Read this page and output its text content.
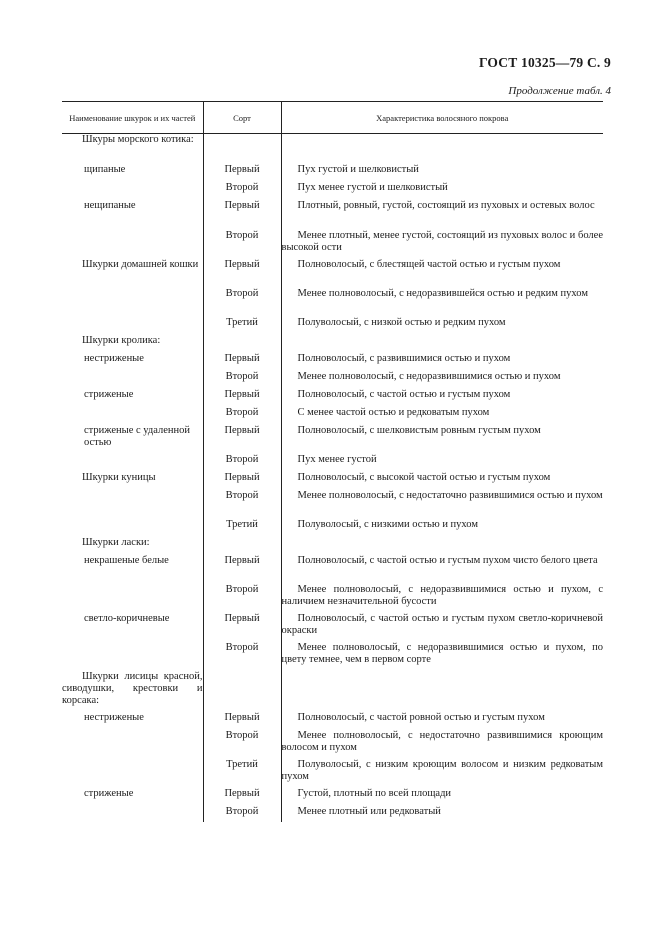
ГОСТ 10325—79 С. 9
Продолжение табл. 4
Наименование шкурок и их частей	Сорт	Характеристика волосяного покрова
Шкуры морского котика:		
щипаные	Первый	Пух густой и шелковистый
	Второй	Пух менее густой и шелковистый
нещипаные	Первый	Плотный, ровный, густой, состоящий из пуховых и остевых волос
	Второй	Менее плотный, менее густой, состоящий из пуховых волос и более высокой ости
Шкурки домашней кошки	Первый	Полноволосый, с блестящей частой остью и густым пухом
	Второй	Менее полноволосый, с недоразвившейся остью и редким пухом
	Третий	Полуволосый, с низкой остью и редким пухом
Шкурки кролика:		
нестриженые	Первый	Полноволосый, с развившимися остью и пухом
	Второй	Менее полноволосый, с недоразвившимися остью и пухом
стриженые	Первый	Полноволосый, с частой остью и густым пухом
	Второй	С менее частой остью и редковатым пухом
стриженые с удаленной остью	Первый	Полноволосый, с шелковистым ровным густым пухом
	Второй	Пух менее густой
Шкурки куницы	Первый	Полноволосый, с высокой частой остью и густым пухом
	Второй	Менее полноволосый, с недостаточно развившимися остью и пухом
	Третий	Полуволосый, с низкими остью и пухом
Шкурки ласки:		
некрашеные белые	Первый	Полноволосый, с частой остью и густым пухом чисто белого цвета
	Второй	Менее полноволосый, с недоразвившимися остью и пухом, с наличием незначительной бусости
светло-коричневые	Первый	Полноволосый, с частой остью и густым пухом светло-коричневой окраски
	Второй	Менее полноволосый, с недоразвившимися остью и пухом, по цвету темнее, чем в первом сорте
Шкурки лисицы красной, сиводушки, крестовки и корсака:		
нестриженые	Первый	Полноволосый, с частой ровной остью и густым пухом
	Второй	Менее полноволосый, с недостаточно развившимися кроющим волосом и пухом
	Третий	Полуволосый, с низким кроющим волосом и низким редковатым пухом
стриженые	Первый	Густой, плотный по всей площади
	Второй	Менее плотный или редковатый
